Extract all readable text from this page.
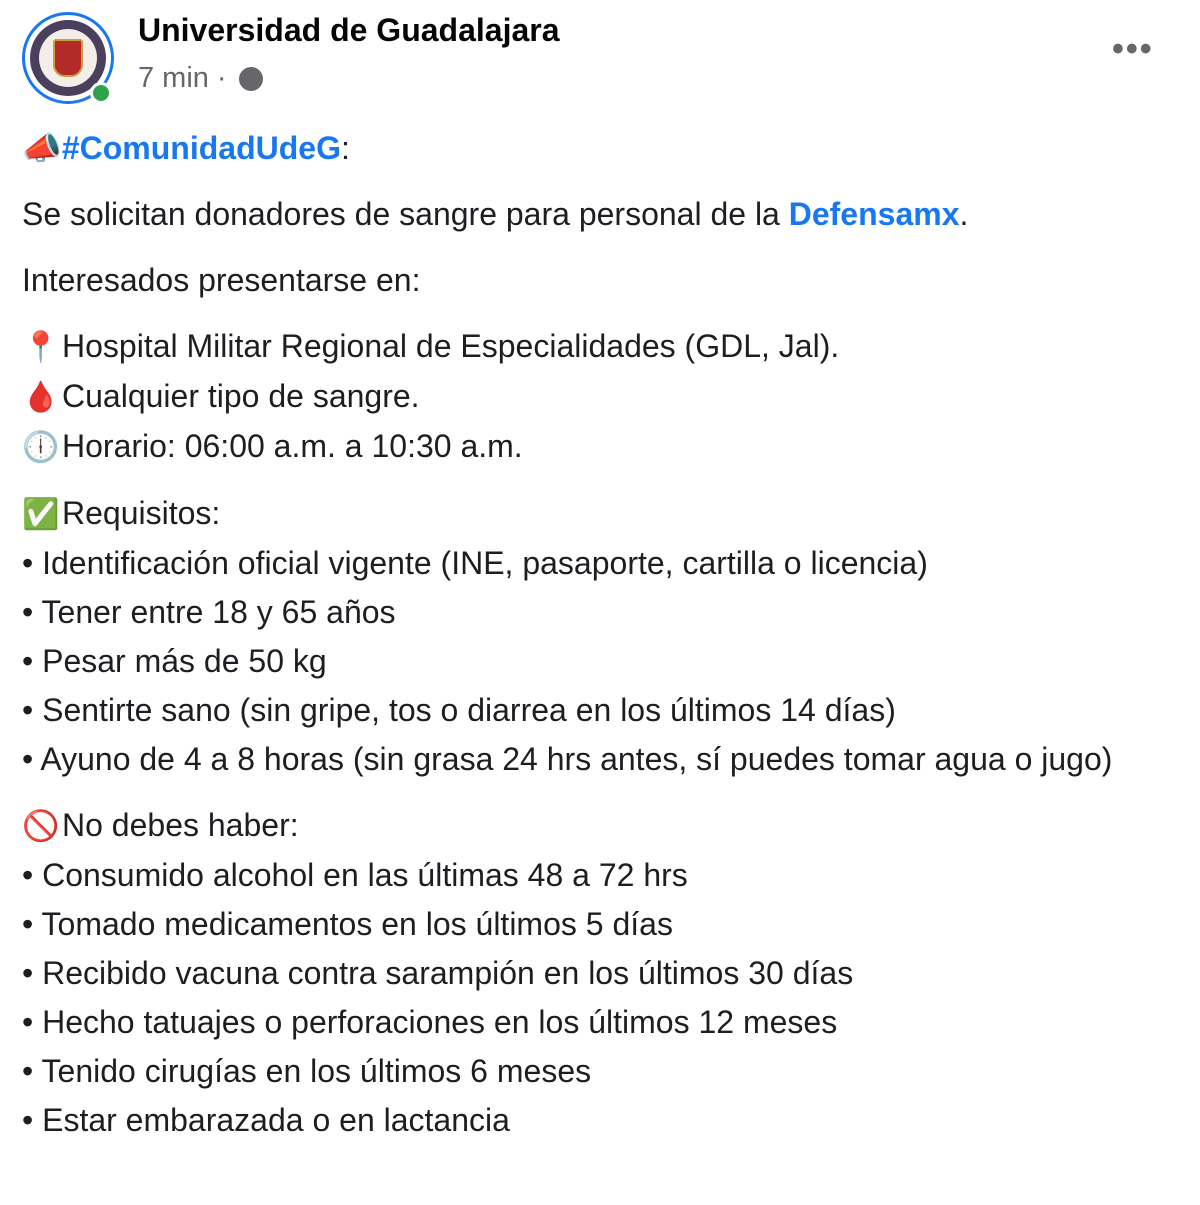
Universidad de Guadalajara
7 min ·
•••

📣#ComunidadUdeG:

Se solicitan donadores de sangre para personal de la Defensamx.

Interesados presentarse en:

📍Hospital Militar Regional de Especialidades (GDL, Jal).
🩸Cualquier tipo de sangre.
🕕Horario: 06:00 a.m. a 10:30 a.m.

✅Requisitos:
• Identificación oficial vigente (INE, pasaporte, cartilla o licencia)
• Tener entre 18 y 65 años
• Pesar más de 50 kg
• Sentirte sano (sin gripe, tos o diarrea en los últimos 14 días)
• Ayuno de 4 a 8 horas (sin grasa 24 hrs antes, sí puedes tomar agua o jugo)

🚫No debes haber:
• Consumido alcohol en las últimas 48 a 72 hrs
• Tomado medicamentos en los últimos 5 días
• Recibido vacuna contra sarampión en los últimos 30 días
• Hecho tatuajes o perforaciones en los últimos 12 meses
• Tenido cirugías en los últimos 6 meses
• Estar embarazada o en lactancia
